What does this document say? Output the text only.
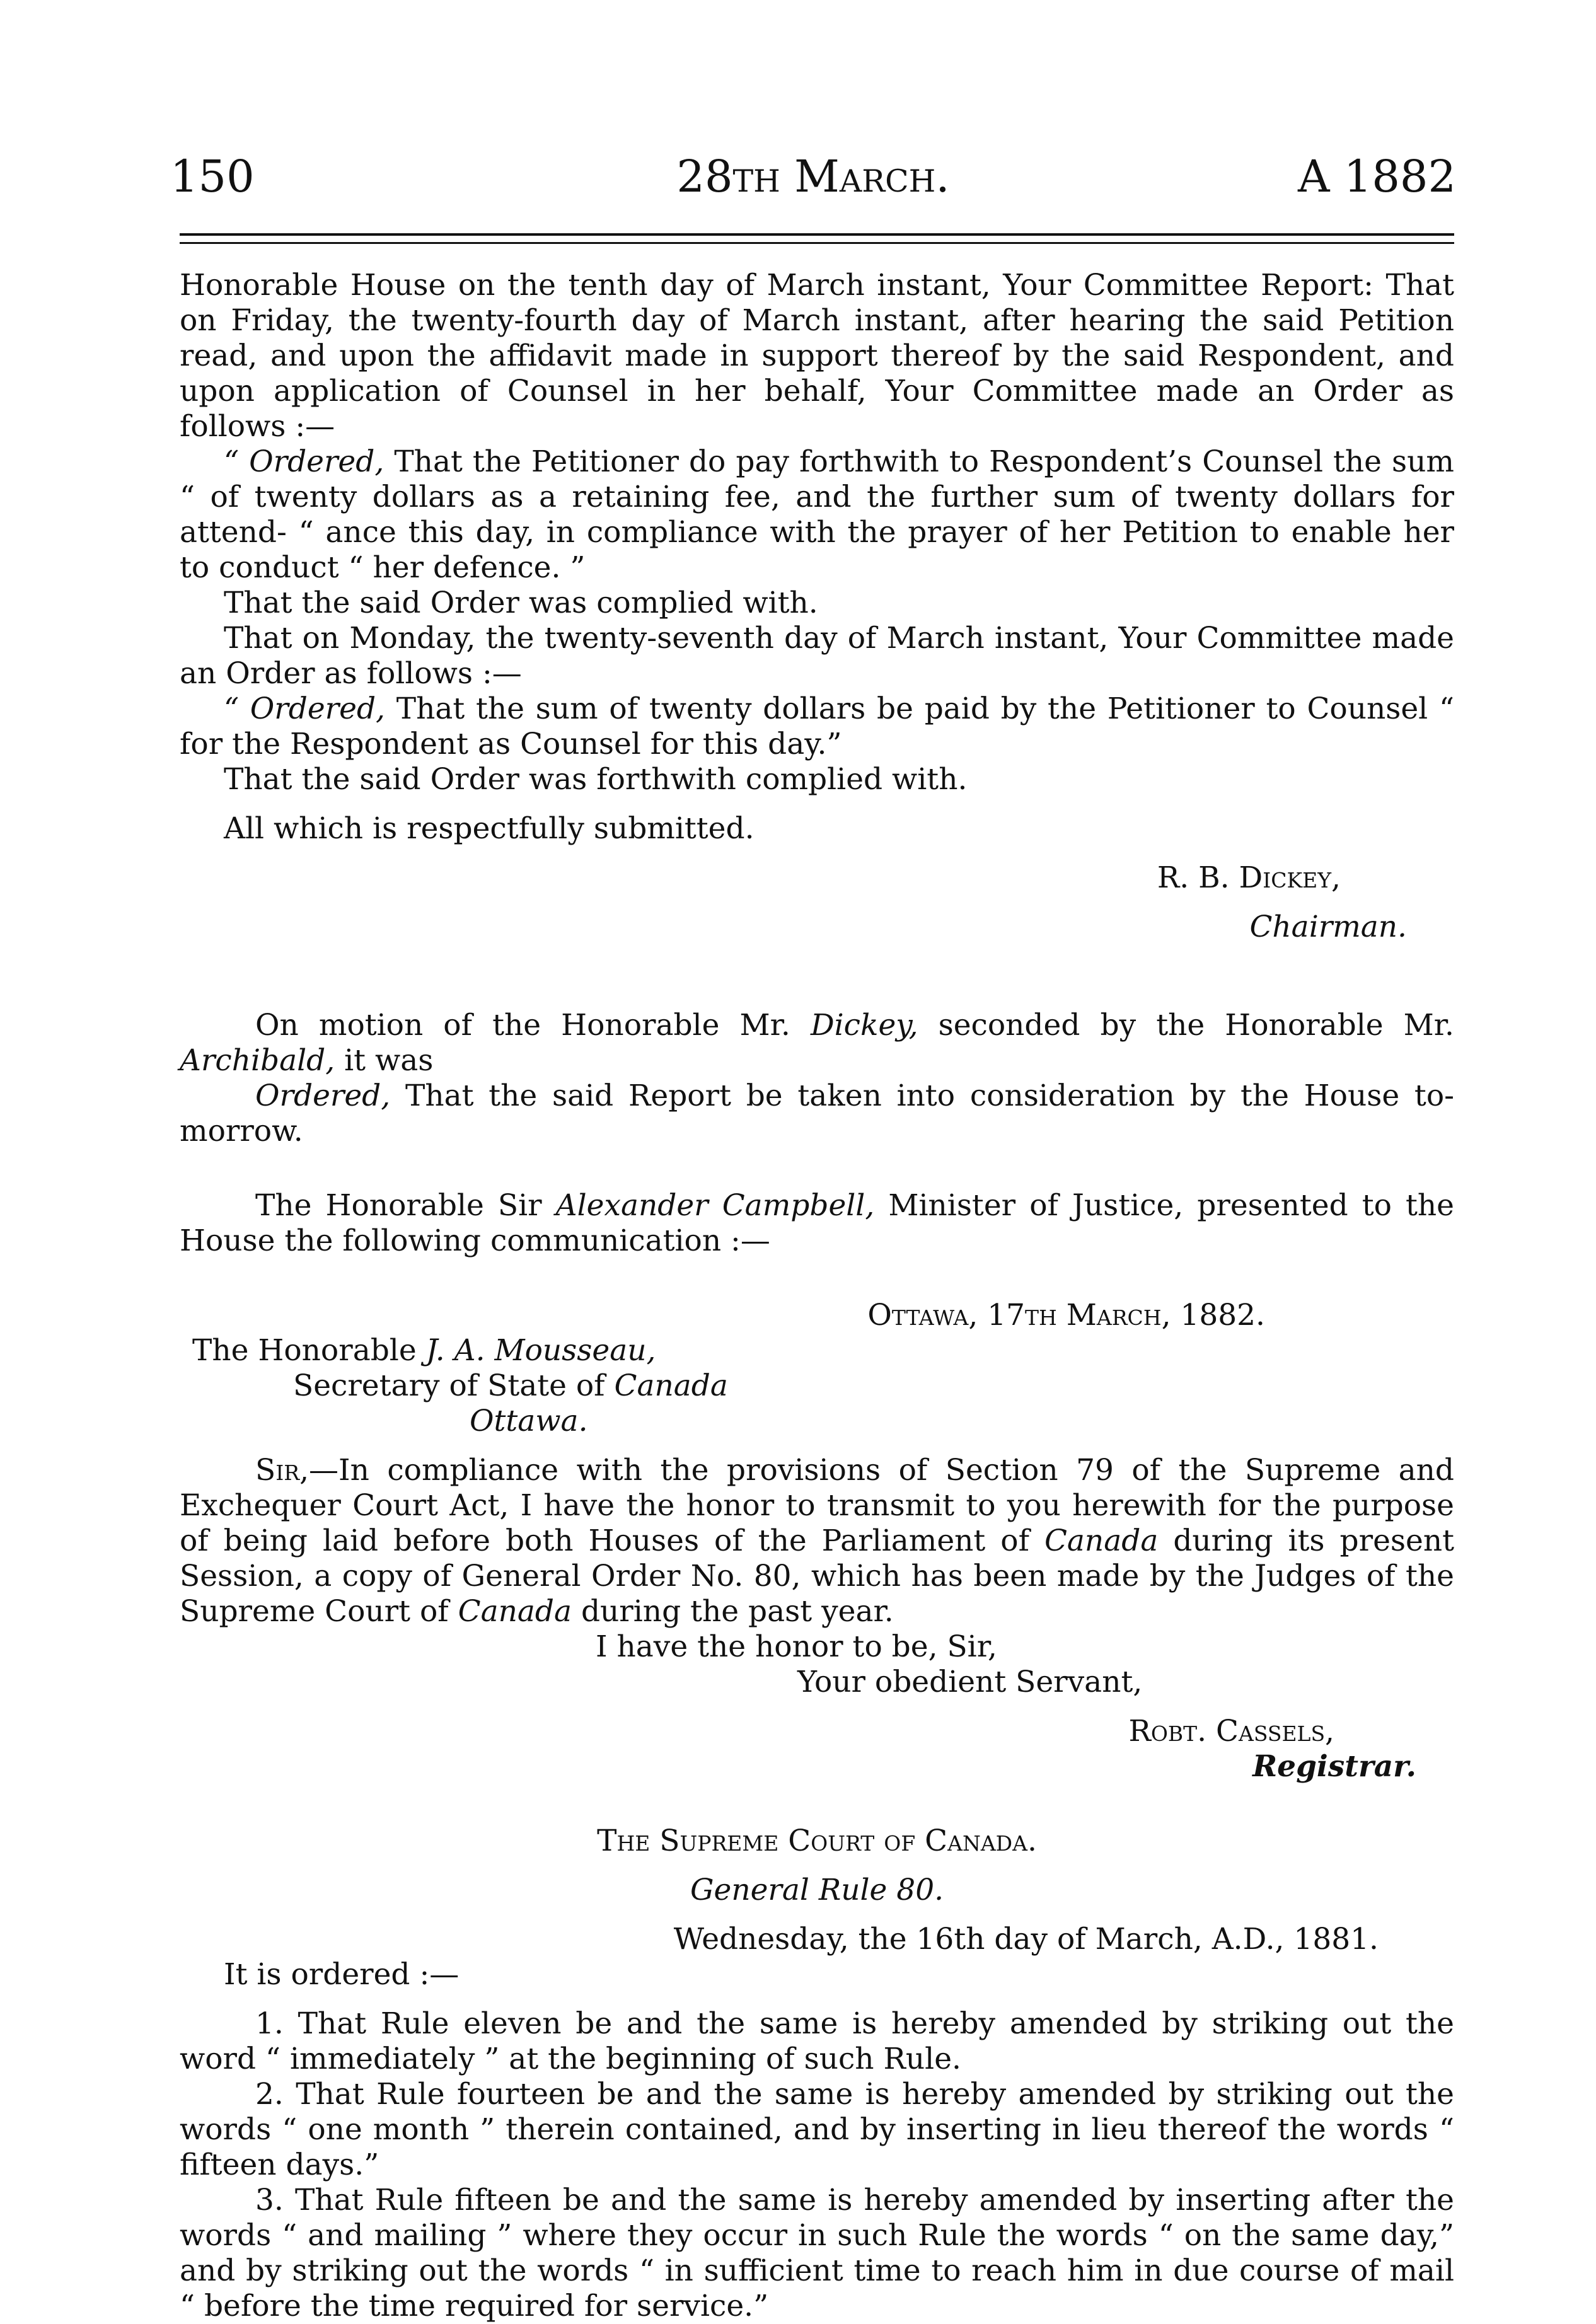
150	28th March.	A 1882

Honorable House on the tenth day of March instant, Your Committee Report: That on Friday, the twenty-fourth day of March instant, after hearing the said Petition read, and upon the affidavit made in support thereof by the said Respondent, and upon application of Counsel in her behalf, Your Committee made an Order as follows :—

“ Ordered, That the Petitioner do pay forthwith to Respondent’s Counsel the sum “ of twenty dollars as a retaining fee, and the further sum of twenty dollars for attend- “ ance this day, in compliance with the prayer of her Petition to enable her to conduct “ her defence. ”

That the said Order was complied with.

That on Monday, the twenty-seventh day of March instant, Your Committee made an Order as follows :—

“ Ordered, That the sum of twenty dollars be paid by the Petitioner to Counsel “ for the Respondent as Counsel for this day.”

That the said Order was forthwith complied with.

All which is respectfully submitted.

R. B. Dickey,

Chairman.

On motion of the Honorable Mr. Dickey, seconded by the Honorable Mr. Archibald, it was

Ordered, That the said Report be taken into consideration by the House to-morrow.

The Honorable Sir Alexander Campbell, Minister of Justice, presented to the House the following communication :—

Ottawa, 17th March, 1882.

The Honorable J. A. Mousseau,

Secretary of State of Canada

Ottawa.

Sir,—In compliance with the provisions of Section 79 of the Supreme and Exchequer Court Act, I have the honor to transmit to you herewith for the purpose of being laid before both Houses of the Parliament of Canada during its present Session, a copy of General Order No. 80, which has been made by the Judges of the Supreme Court of Canada during the past year.

I have the honor to be, Sir,

Your obedient Servant,

Robt. Cassels,

Registrar.

The Supreme Court of Canada.

General Rule 80.

Wednesday, the 16th day of March, A.D., 1881.

It is ordered :—

1. That Rule eleven be and the same is hereby amended by striking out the word “ immediately ” at the beginning of such Rule.

2. That Rule fourteen be and the same is hereby amended by striking out the words “ one month ” therein contained, and by inserting in lieu thereof the words “ fifteen days.”

3. That Rule fifteen be and the same is hereby amended by inserting after the words “ and mailing ” where they occur in such Rule the words “ on the same day,” and by striking out the words “ in sufficient time to reach him in due course of mail “ before the time required for service.”
